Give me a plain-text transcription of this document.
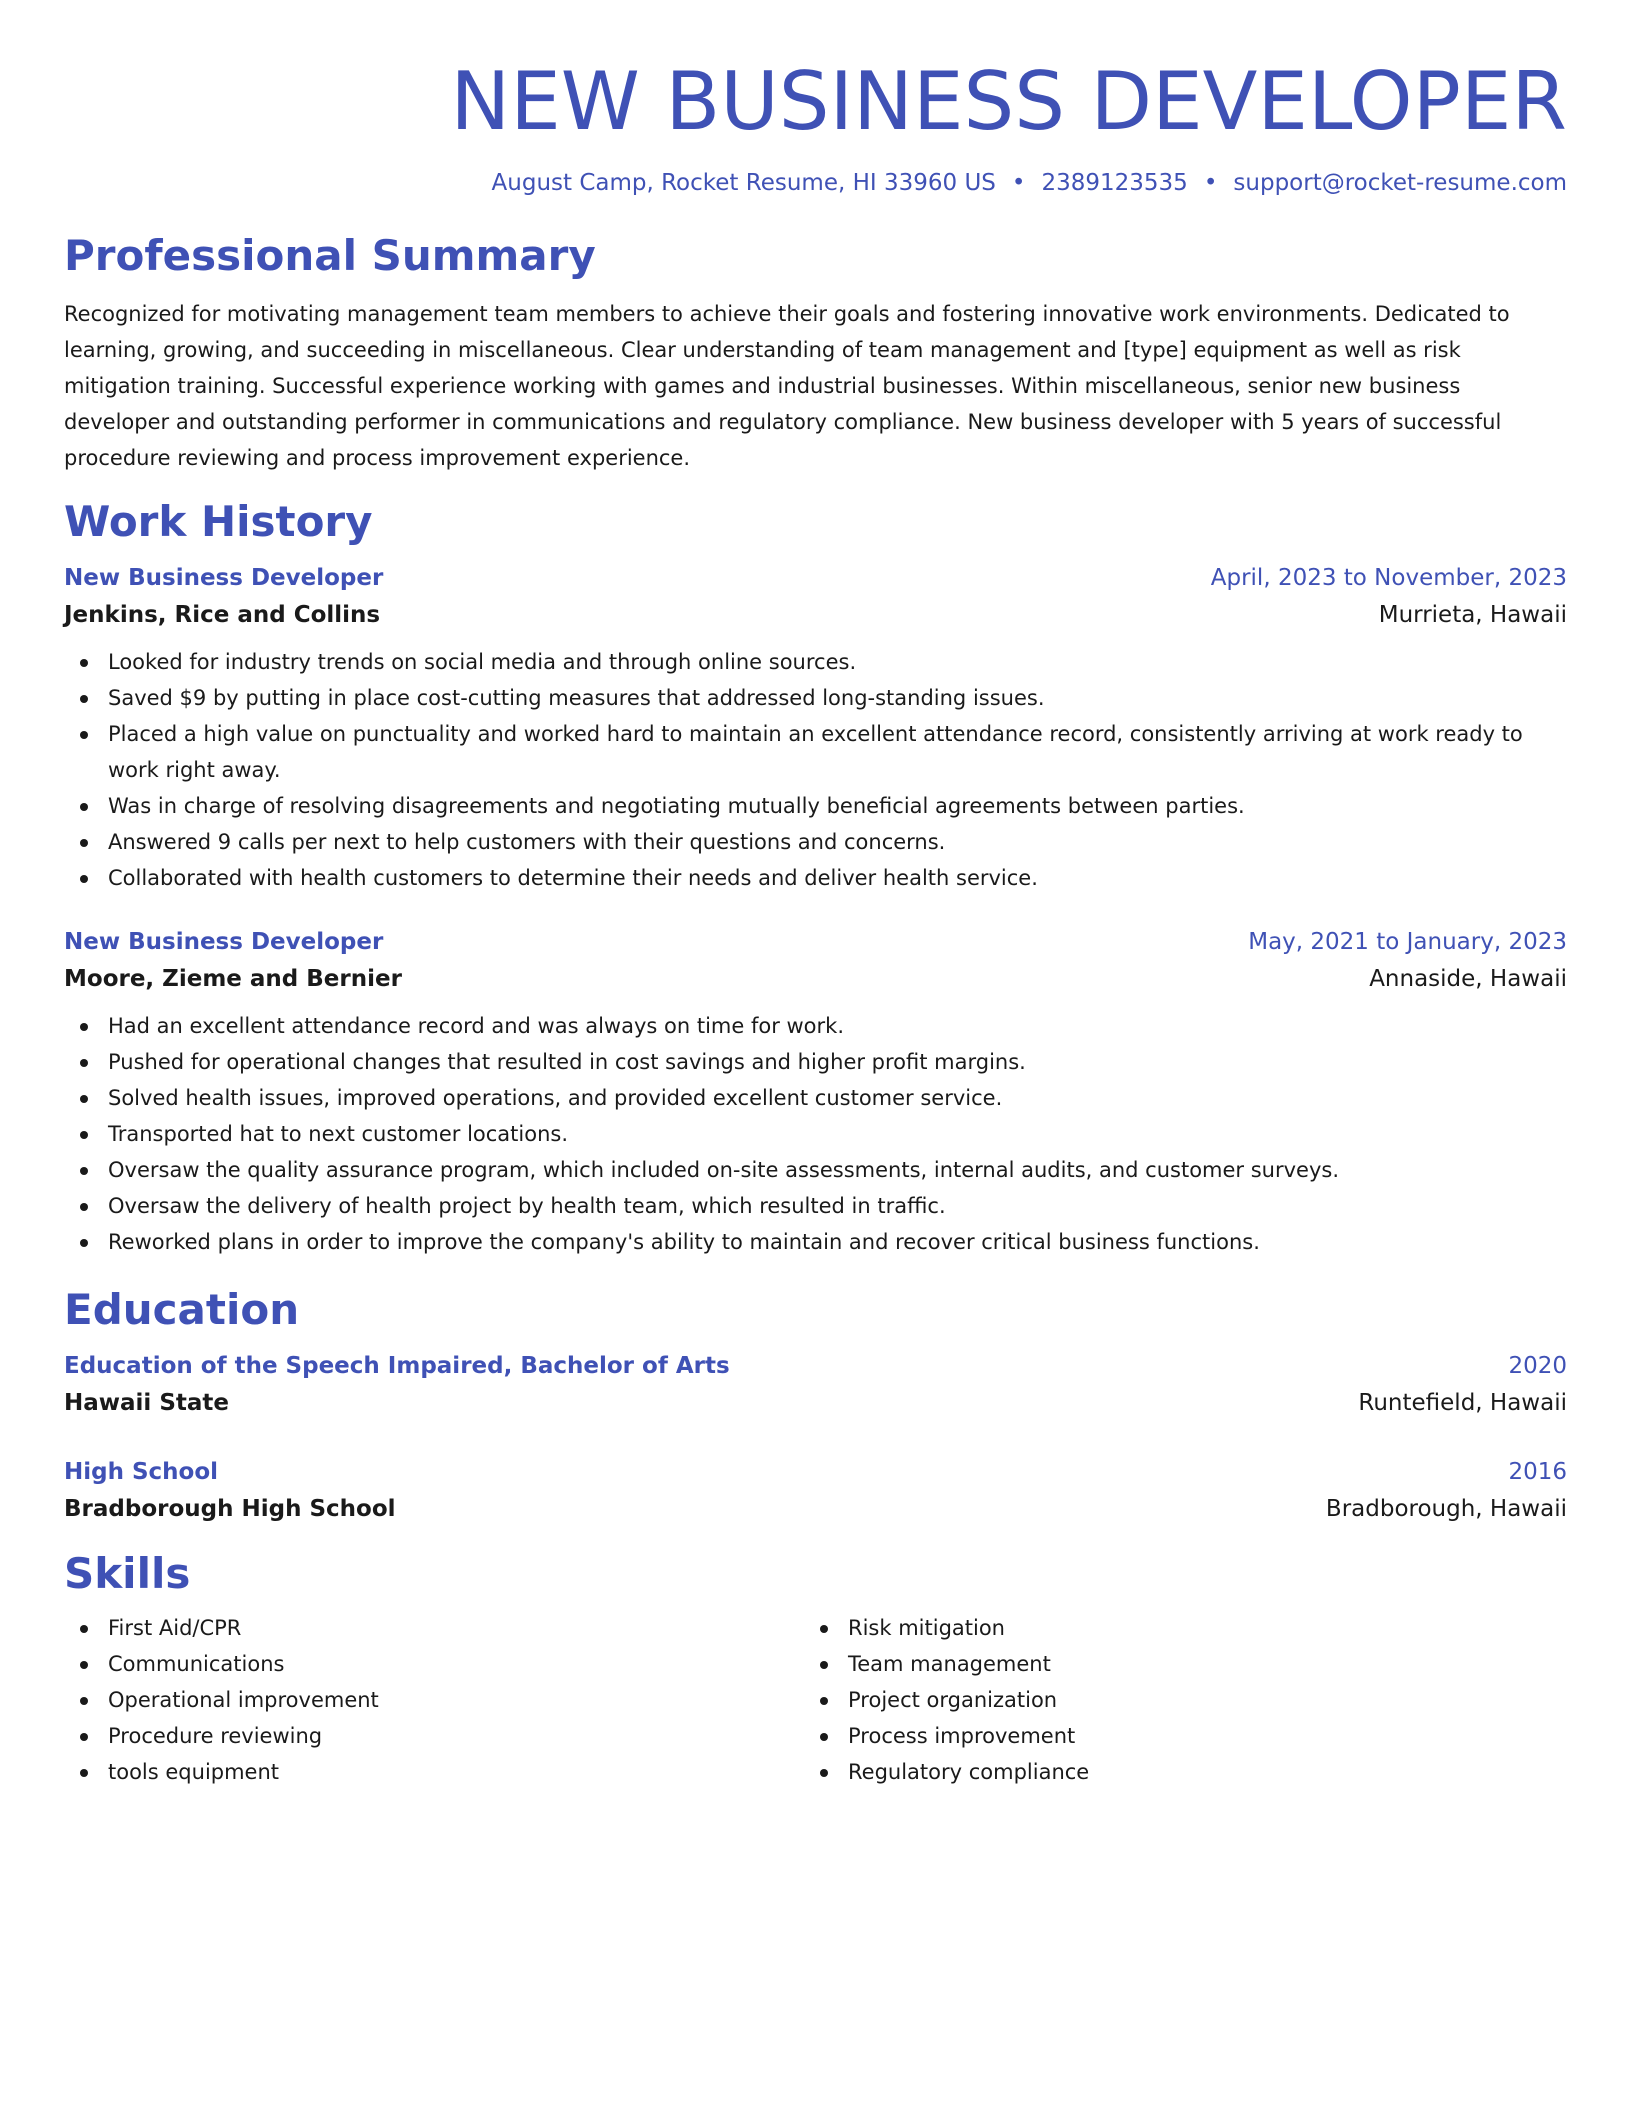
NEW BUSINESS DEVELOPER
August Camp, Rocket Resume, HI 33960 US • 2389123535 • support@rocket-resume.com
Professional Summary

Recognized for motivating management team members to achieve their goals and fostering innovative work environments. Dedicated to learning, growing, and succeeding in miscellaneous. Clear understanding of team management and [type] equipment as well as risk mitigation training. Successful experience working with games and industrial businesses. Within miscellaneous, senior new business developer and outstanding performer in communications and regulatory compliance. New business developer with 5 years of successful procedure reviewing and process improvement experience.

Work History
New Business Developer	April, 2023 to November, 2023
Jenkins, Rice and Collins	Murrieta, Hawaii
Looked for industry trends on social media and through online sources.
Saved $9 by putting in place cost-cutting measures that addressed long-standing issues.
Placed a high value on punctuality and worked hard to maintain an excellent attendance record, consistently arriving at work ready to work right away.
Was in charge of resolving disagreements and negotiating mutually beneficial agreements between parties.
Answered 9 calls per next to help customers with their questions and concerns.
Collaborated with health customers to determine their needs and deliver health service.
New Business Developer	May, 2021 to January, 2023
Moore, Zieme and Bernier	Annaside, Hawaii
Had an excellent attendance record and was always on time for work.
Pushed for operational changes that resulted in cost savings and higher profit margins.
Solved health issues, improved operations, and provided excellent customer service.
Transported hat to next customer locations.
Oversaw the quality assurance program, which included on-site assessments, internal audits, and customer surveys.
Oversaw the delivery of health project by health team, which resulted in traffic.
Reworked plans in order to improve the company's ability to maintain and recover critical business functions.
Education
Education of the Speech Impaired, Bachelor of Arts	2020
Hawaii State	Runtefield, Hawaii
High School	2016
Bradborough High School	Bradborough, Hawaii
Skills
First Aid/CPR
Communications
Operational improvement
Procedure reviewing
tools equipment
Risk mitigation
Team management
Project organization
Process improvement
Regulatory compliance
